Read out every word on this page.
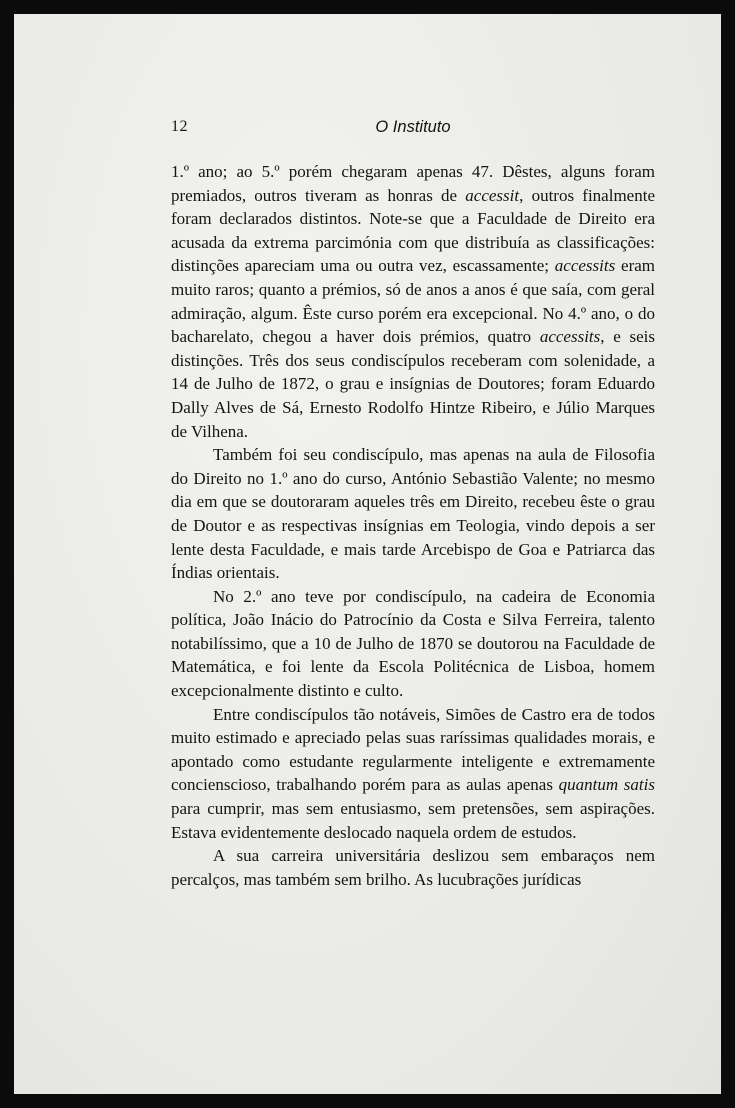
12	O Instituto

1.º ano; ao 5.º porém chegaram apenas 47. Dêstes, alguns foram premiados, outros tiveram as honras de accessit, outros finalmente foram declarados distintos. Note-se que a Faculdade de Direito era acusada da extrema parcimónia com que distribuía as classificações: distinções apareciam uma ou outra vez, escassamente; accessits eram muito raros; quanto a prémios, só de anos a anos é que saía, com geral admiração, algum. Êste curso porém era excepcional. No 4.º ano, o do bacharelato, chegou a haver dois prémios, quatro accessits, e seis distinções. Três dos seus condiscípulos receberam com solenidade, a 14 de Julho de 1872, o grau e insígnias de Doutores; foram Eduardo Dally Alves de Sá, Ernesto Rodolfo Hintze Ribeiro, e Júlio Marques de Vilhena.

Também foi seu condiscípulo, mas apenas na aula de Filosofia do Direito no 1.º ano do curso, António Sebastião Valente; no mesmo dia em que se doutoraram aqueles três em Direito, recebeu êste o grau de Doutor e as respectivas insígnias em Teologia, vindo depois a ser lente desta Faculdade, e mais tarde Arcebispo de Goa e Patriarca das Índias orientais.

No 2.º ano teve por condiscípulo, na cadeira de Economia política, João Inácio do Patrocínio da Costa e Silva Ferreira, talento notabilíssimo, que a 10 de Julho de 1870 se doutorou na Faculdade de Matemática, e foi lente da Escola Politécnica de Lisboa, homem excepcionalmente distinto e culto.

Entre condiscípulos tão notáveis, Simões de Castro era de todos muito estimado e apreciado pelas suas raríssimas qualidades morais, e apontado como estudante regularmente inteligente e extremamente concienscioso, trabalhando porém para as aulas apenas quantum satis para cumprir, mas sem entusiasmo, sem pretensões, sem aspirações. Estava evidentemente deslocado naquela ordem de estudos.

A sua carreira universitária deslizou sem embaraços nem percalços, mas também sem brilho. As lucubrações jurídicas
